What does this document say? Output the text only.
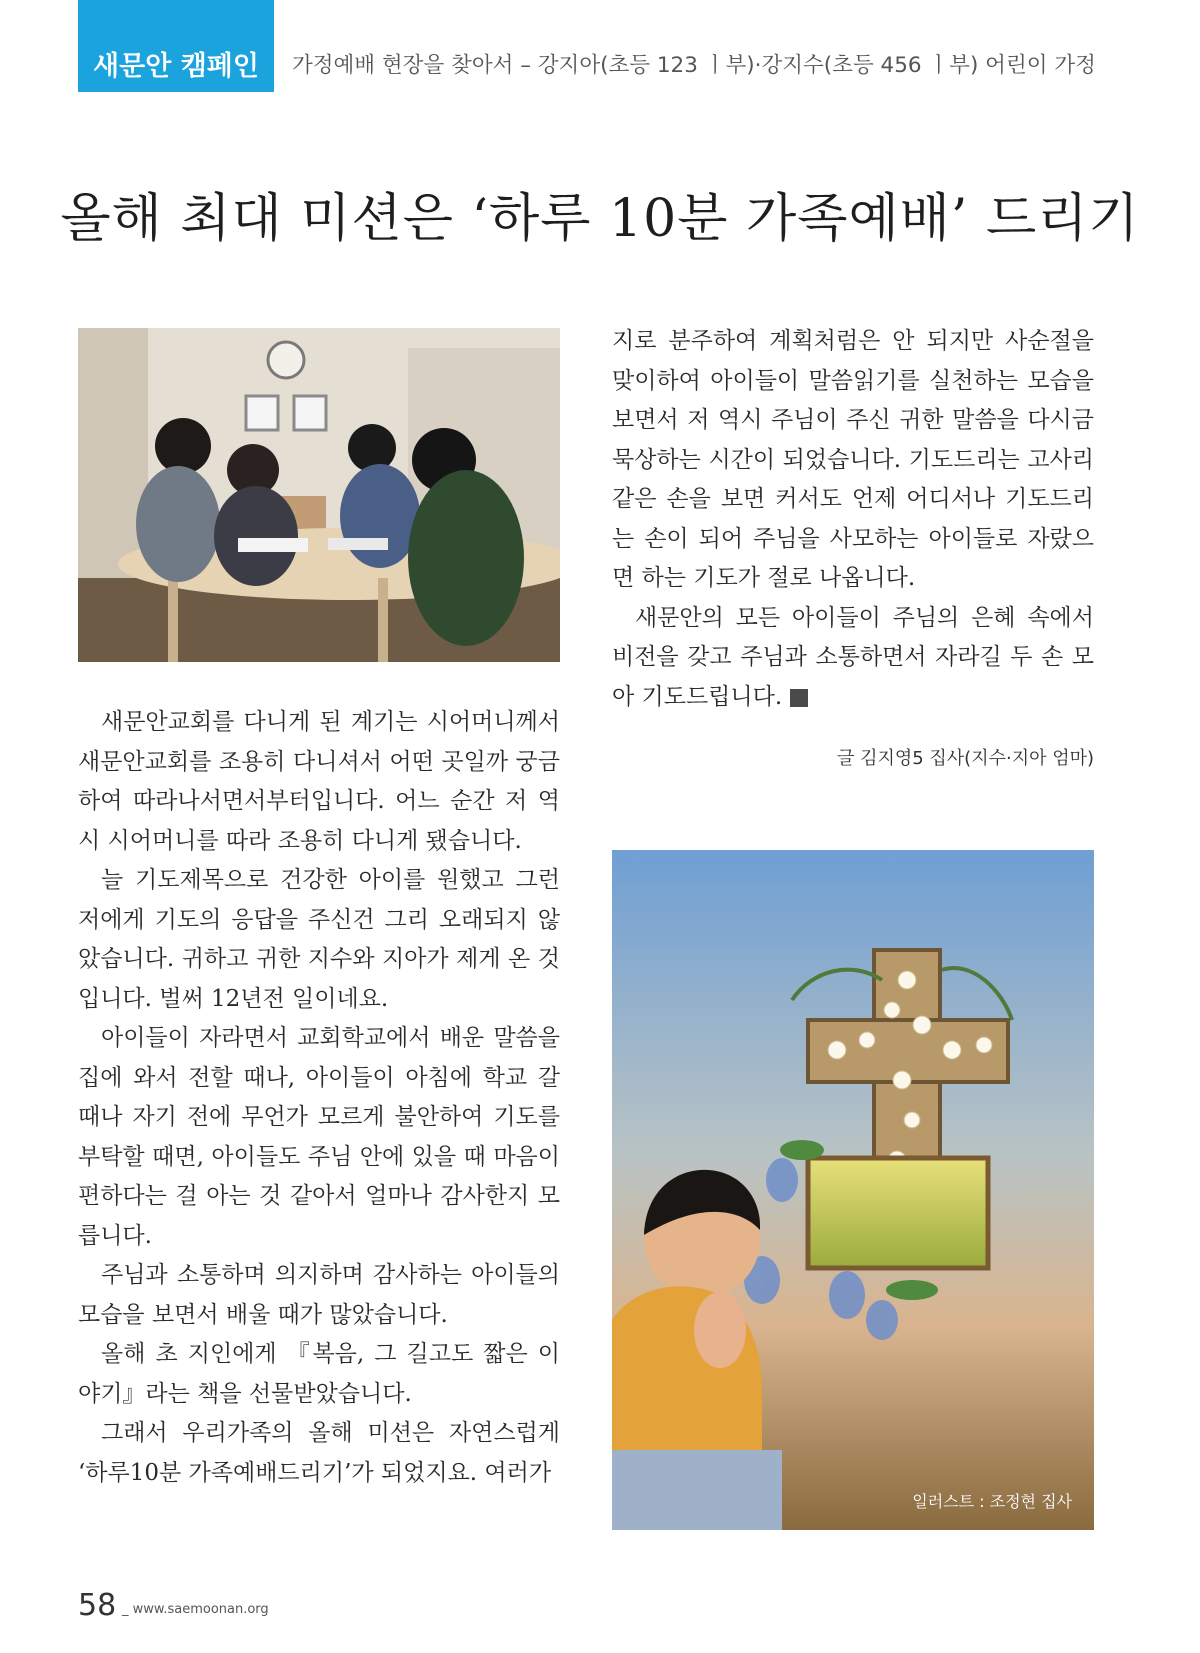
새문안 캠페인 가정예배 현장을 찾아서 – 강지아(초등 123 ㅣ부)·강지수(초등 456 ㅣ부) 어린이 가정
올해 최대 미션은 ‘하루 10분 가족예배’ 드리기

새문안교회를 다니게 된 계기는 시어머니께서 새문안교회를 조용히 다니셔서 어떤 곳일까 궁금하여 따라나서면서부터입니다. 어느 순간 저 역시 시어머니를 따라 조용히 다니게 됐습니다.

늘 기도제목으로 건강한 아이를 원했고 그런 저에게 기도의 응답을 주신건 그리 오래되지 않았습니다. 귀하고 귀한 지수와 지아가 제게 온 것입니다. 벌써 12년전 일이네요.

아이들이 자라면서 교회학교에서 배운 말씀을 집에 와서 전할 때나, 아이들이 아침에 학교 갈 때나 자기 전에 무언가 모르게 불안하여 기도를 부탁할 때면, 아이들도 주님 안에 있을 때 마음이 편하다는 걸 아는 것 같아서 얼마나 감사한지 모릅니다.

주님과 소통하며 의지하며 감사하는 아이들의 모습을 보면서 배울 때가 많았습니다.

올해 초 지인에게 『복음, 그 길고도 짧은 이야기』라는 책을 선물받았습니다.

그래서 우리가족의 올해 미션은 자연스럽게 ‘하루10분 가족예배드리기’가 되었지요. 여러가

지로 분주하여 계획처럼은 안 되지만 사순절을 맞이하여 아이들이 말씀읽기를 실천하는 모습을 보면서 저 역시 주님이 주신 귀한 말씀을 다시금 묵상하는 시간이 되었습니다. 기도드리는 고사리같은 손을 보면 커서도 언제 어디서나 기도드리는 손이 되어 주님을 사모하는 아이들로 자랐으면 하는 기도가 절로 나옵니다.

새문안의 모든 아이들이 주님의 은혜 속에서 비전을 갖고 주님과 소통하면서 자라길 두 손 모아 기도드립니다.	새

글 김지영5 집사(지수·지아 엄마)
일러스트 : 조정현 집사
58 _ www.saemoonan.org
